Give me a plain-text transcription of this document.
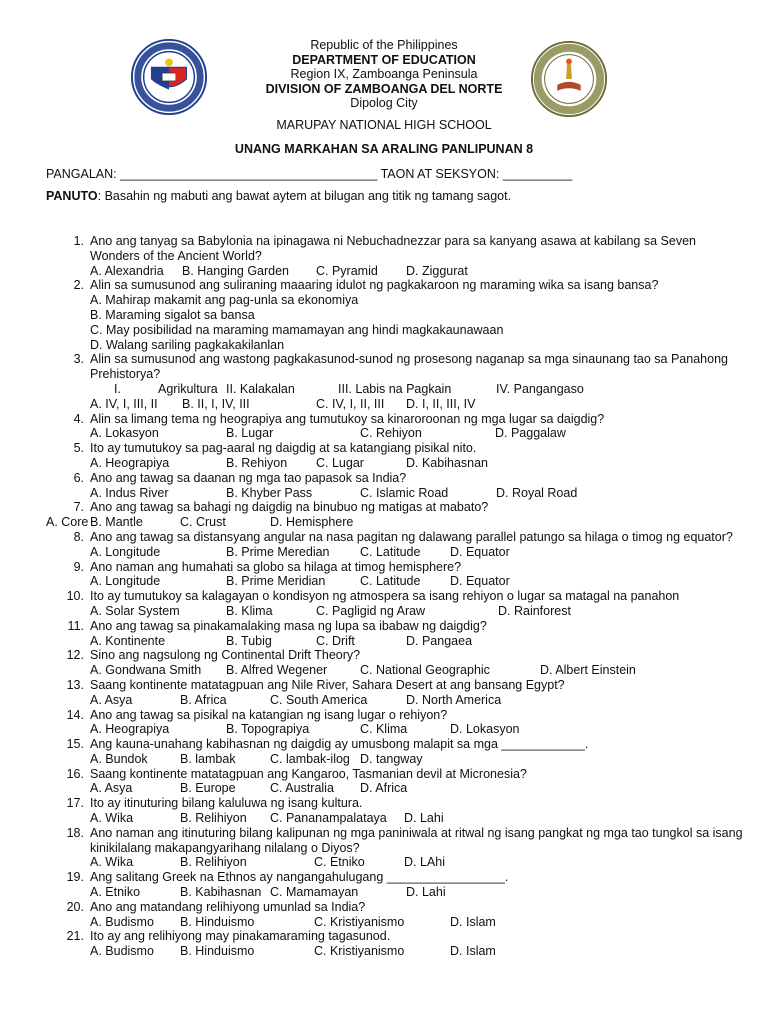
Republic of the Philippines
DEPARTMENT OF EDUCATION
Region IX, Zamboanga Peninsula
DIVISION OF ZAMBOANGA DEL NORTE
Dipolog City
MARUPAY NATIONAL HIGH SCHOOL
UNANG MARKAHAN SA ARALING PANLIPUNAN 8
PANGALAN: _____________________________________ TAON AT SEKSYON: __________
PANUTO: Basahin ng mabuti ang bawat aytem at bilugan ang titik ng tamang sagot.
1. Ano ang tanyag sa Babylonia na ipinagawa ni Nebuchadnezzar para sa kanyang asawa at kabilang sa Seven Wonders of the Ancient World?
A. Alexandria	B. Hanging Garden	C. Pyramid	D. Ziggurat
2. Alin sa sumusunod ang suliraning maaaring idulot ng pagkakaroon ng maraming wika sa isang bansa?
A. Mahirap makamit ang pag-unla sa ekonomiya
B. Maraming sigalot sa bansa
C. May posibilidad na maraming mamamayan ang hindi magkakaunawaan
D. Walang sariling pagkakakilanlan
3. Alin sa sumusunod ang wastong pagkakasunod-sunod ng prosesong naganap sa mga sinaunang tao sa Panahong Prehistorya?
I.	Agrikultura II. Kalakalan	III. Labis na Pagkain	IV. Pangangaso
A. IV, I, III, II	B. II, I, IV, III	C. IV, I, II, III	D. I, II, III, IV
4. Alin sa limang tema ng heograpiya ang tumutukoy sa kinaroroonan ng mga lugar sa daigdig?
A. Lokasyon	B. Lugar	C. Rehiyon	D. Paggalaw
5. Ito ay tumutukoy sa pag-aaral ng daigdig at sa katangiang pisikal nito.
A. Heograpiya	B. Rehiyon	C. Lugar	D. Kabihasnan
6. Ano ang tawag sa daanan ng mga tao papasok sa India?
A. Indus River	B. Khyber Pass	C. Islamic Road	D. Royal Road
7. Ano ang tawag sa bahagi ng daigdig na binubuo ng matigas at mabato?
A. Core B. Mantle	C. Crust	D. Hemisphere
8. Ano ang tawag sa distansyang angular na nasa pagitan ng dalawang parallel patungo sa hilaga o timog ng equator?
A. Longitude	B. Prime Meredian	C. Latitude	D. Equator
9. Ano naman ang humahati sa globo sa hilaga at timog hemisphere?
A. Longitude	B. Prime Meridian	C. Latitude	D. Equator
10. Ito ay tumutukoy sa kalagayan o kondisyon ng atmospera sa isang rehiyon o lugar sa matagal na panahon
A. Solar System	B. Klima	C. Pagligid ng Araw	D. Rainforest
11. Ano ang tawag sa pinakamalaking masa ng lupa sa ibabaw ng daigdig?
A. Kontinente	B. Tubig	C. Drift	D. Pangaea
12. Sino ang nagsulong ng Continental Drift Theory?
A. Gondwana Smith	B. Alfred Wegener	C. National Geographic	D. Albert Einstein
13. Saang kontinente matatagpuan ang Nile River, Sahara Desert at ang bansang Egypt?
A. Asya	B. Africa	C. South America	D. North America
14. Ano ang tawag sa pisikal na katangian ng isang lugar o rehiyon?
A. Heograpiya	B. Topograpiya	C. Klima	D. Lokasyon
15. Ang kauna-unahang kabihasnan ng daigdig ay umusbong malapit sa mga ____________.
A. Bundok	B. lambak	C. lambak-ilog D. tangway
16. Saang kontinente matatagpuan ang Kangaroo, Tasmanian devil at Micronesia?
A. Asya	B. Europe	C. Australia	D. Africa
17. Ito ay itinuturing bilang kaluluwa ng isang kultura.
A. Wika	B. Relihiyon	C. Pananampalataya	D. Lahi
18. Ano naman ang itinuturing bilang kalipunan ng mga paniniwala at ritwal ng isang pangkat ng mga tao tungkol sa isang kinikilalang makapangyarihang nilalang o Diyos?
A. Wika	B. Relihiyon	C. Etniko	D. LAhi
19. Ang salitang Greek na Ethnos ay nangangahulugang _________________.
A. Etniko	B. Kabihasnan C. Mamamayan	D. Lahi
20. Ano ang matandang relihiyong umunlad sa India?
A. Budismo	B. Hinduismo	C. Kristiyanismo	D. Islam
21. Ito ay ang relihiyong may pinakamaraming tagasunod.
A. Budismo	B. Hinduismo	C. Kristiyanismo	D. Islam
